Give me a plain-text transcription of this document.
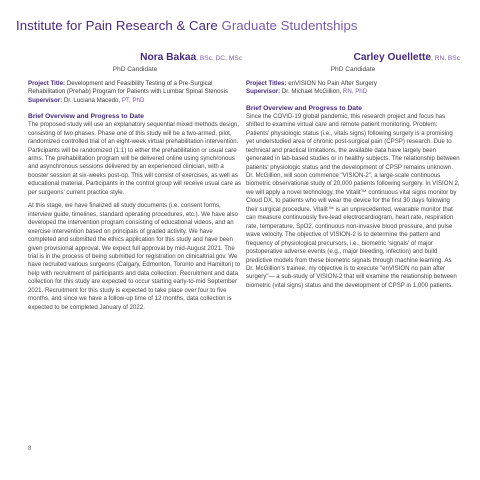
Institute for Pain Research & Care Graduate Studentships
Nora Bakaa, BSc, DC, MSc
PhD Candidate
Project Title: Development and Feasibility Testing of a Pre-Surgical Rehabilitation (Prehab) Program for Patients with Lumbar Spinal Stenosis
Supervisor: Dr. Luciana Macedo, PT, PhD
Brief Overview and Progress to Date

The proposed study will use an explanatory sequential mixed methods design, consisting of two phases. Phase one of this study will be a two-armed, pilot, randomized controlled trial of an eight-week virtual prehabilitation intervention. Participants will be randomized (1:1) to either the prehabilitation or usual care arms. The prehabilitation program will be delivered online using synchronous and asynchronous sessions delivered by an experienced clinician, with a booster session at six-weeks post-op. This will consist of exercises, as well as educational material. Participants in the control group will receive usual care as per surgeons' current practice style.

At this stage, we have finalized all study documents (i.e. consent forms, interview guide, timelines, standard operating procedures, etc.). We have also developed the intervention program consisting of educational videos, and an exercise intervention based on principals of graded activity. We have completed and submitted the ethics application for this study and have been given provisional approval. We expect full approval by mid-August 2021. The trial is in the process of being submitted for registration on clinicaltrial.gov. We have recruited various surgeons (Calgary, Edmonton, Toronto and Hamilton) to help with recruitment of participants and data collection. Recruitment and data collection for this study are expected to occur starting early-to-mid September 2021. Recruitment for this study is expected to take place over four to five months, and since we have a follow-up time of 12 months, data collection is expected to be completed January of 2022.

Carley Ouellette, RN, BSc
PhD Candidate
Project Titles: enVISION No Pain After Surgery
Supervisor: Dr. Michael McGillion, RN, PhD
Brief Overview and Progress to Date

Since the COVID-19 global pandemic, this research project and focus has shifted to examine virtual care and remote patient monitoring. Problem: Patients' physiologic status (i.e., vitals signs) following surgery is a promising yet understudied area of chronic post-surgical pain (CPSP) research. Due to technical and practical limitations, the available data have largely been generated in lab-based studies or in healthy subjects. The relationship between patients' physiologic status and the development of CPSP remains unknown. Dr. McGillion, will soon commence "VISION-2", a large-scale continuous biometric observational study of 20,000 patients following surgery. In VISION 2, we will apply a novel technology, the Vitalit™ continuous vital signs monitor by Cloud DX, to patients who will wear the device for the first 30 days following their surgical procedure. Vitalit™ is an unprecedented, wearable monitor that can measure continuously five-lead electrocardiogram, heart rate, respiration rate, temperature, SpO2, continuous non-invasive blood pressure, and pulse wave velocity. The objective of VISION-2 is to determine the pattern and frequency of physiological precursors, i.e., biometric 'signals' of major postoperative adverse events (e.g., major bleeding, infection) and build predictive models from these biometric signals through machine learning. As Dr. McGillion's trainee, my objective is to execute "enVISION no pain after surgery"— a sub-study of VISION-2 that will examine the relationship between biometric (vital signs) status and the development of CPSP in 1,000 patients.

8
